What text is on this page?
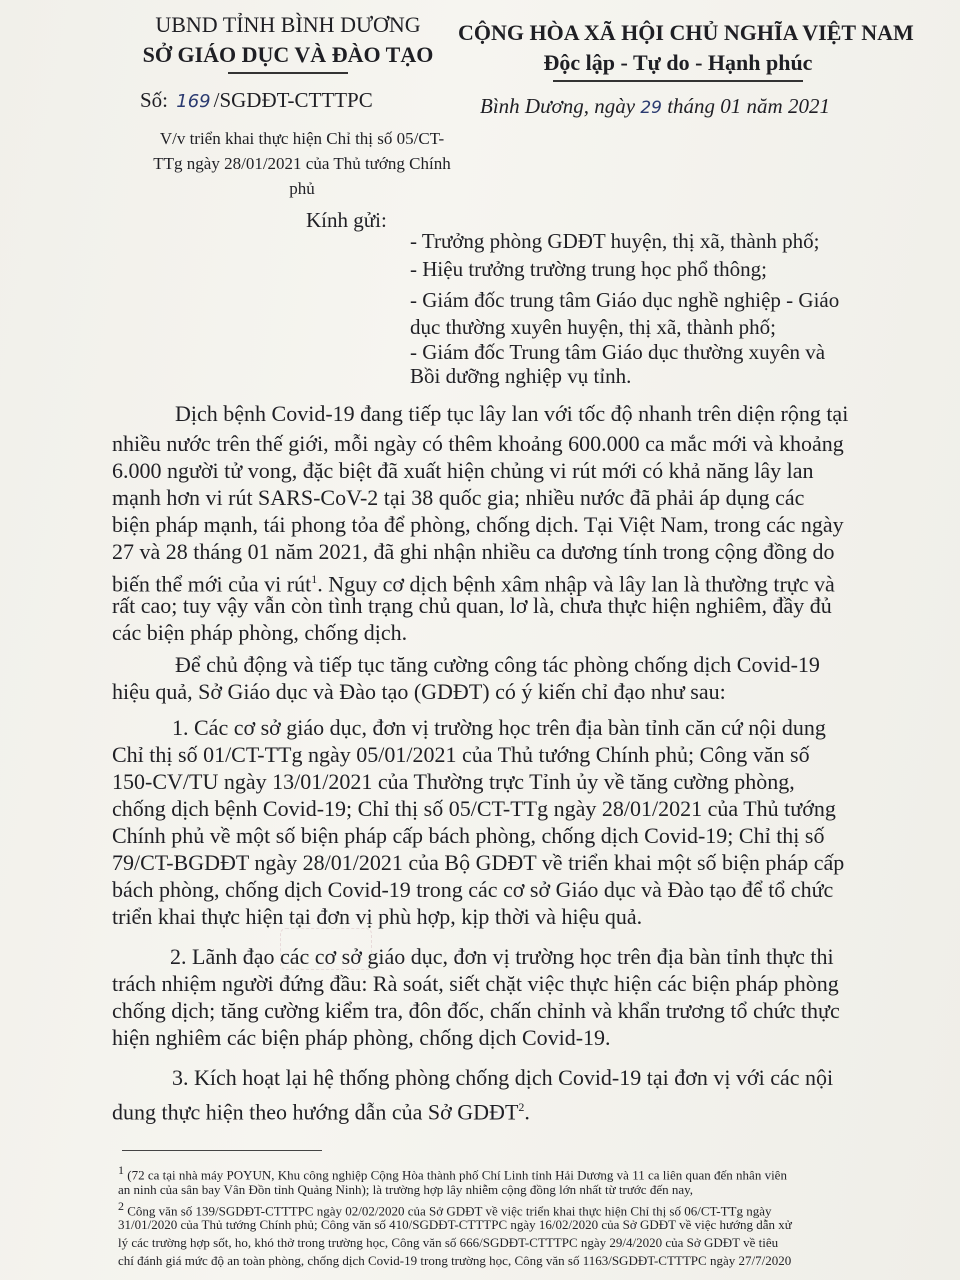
UBND TỈNH BÌNH DƯƠNG
SỞ GIÁO DỤC VÀ ĐÀO TẠO
CỘNG HÒA XÃ HỘI CHỦ NGHĨA VIỆT NAM
Độc lập - Tự do - Hạnh phúc
Số: 169 /SGDĐT-CTTTPC	Bình Dương, ngày 29 tháng 01 năm 2021
V/v triển khai thực hiện Chỉ thị số 05/CT-TTg ngày 28/01/2021 của Thủ tướng Chính phủ
Kính gửi:
- Trưởng phòng GDĐT huyện, thị xã, thành phố;
- Hiệu trưởng trường trung học phổ thông;
- Giám đốc trung tâm Giáo dục nghề nghiệp - Giáo
dục thường xuyên huyện, thị xã, thành phố;
- Giám đốc Trung tâm Giáo dục thường xuyên và
Bồi dưỡng nghiệp vụ tỉnh.
Dịch bệnh Covid-19 đang tiếp tục lây lan với tốc độ nhanh trên diện rộng tại
nhiều nước trên thế giới, mỗi ngày có thêm khoảng 600.000 ca mắc mới và khoảng
6.000 người tử vong, đặc biệt đã xuất hiện chủng vi rút mới có khả năng lây lan
mạnh hơn vi rút SARS-CoV-2 tại 38 quốc gia; nhiều nước đã phải áp dụng các
biện pháp mạnh, tái phong tỏa để phòng, chống dịch. Tại Việt Nam, trong các ngày
27 và 28 tháng 01 năm 2021, đã ghi nhận nhiều ca dương tính trong cộng đồng do
biến thể mới của vi rút$^1$. Nguy cơ dịch bệnh xâm nhập và lây lan là thường trực và
rất cao; tuy vậy vẫn còn tình trạng chủ quan, lơ là, chưa thực hiện nghiêm, đầy đủ
các biện pháp phòng, chống dịch.
Để chủ động và tiếp tục tăng cường công tác phòng chống dịch Covid-19
hiệu quả, Sở Giáo dục và Đào tạo (GDĐT) có ý kiến chỉ đạo như sau:
1. Các cơ sở giáo dục, đơn vị trường học trên địa bàn tỉnh căn cứ nội dung
Chỉ thị số 01/CT-TTg ngày 05/01/2021 của Thủ tướng Chính phủ; Công văn số
150-CV/TU ngày 13/01/2021 của Thường trực Tỉnh ủy về tăng cường phòng,
chống dịch bệnh Covid-19; Chỉ thị số 05/CT-TTg ngày 28/01/2021 của Thủ tướng
Chính phủ về một số biện pháp cấp bách phòng, chống dịch Covid-19; Chỉ thị số
79/CT-BGDĐT ngày 28/01/2021 của Bộ GDĐT về triển khai một số biện pháp cấp
bách phòng, chống dịch Covid-19 trong các cơ sở Giáo dục và Đào tạo để tổ chức
triển khai thực hiện tại đơn vị phù hợp, kịp thời và hiệu quả.
2. Lãnh đạo các cơ sở giáo dục, đơn vị trường học trên địa bàn tỉnh thực thi
trách nhiệm người đứng đầu: Rà soát, siết chặt việc thực hiện các biện pháp phòng
chống dịch; tăng cường kiểm tra, đôn đốc, chấn chỉnh và khẩn trương tổ chức thực
hiện nghiêm các biện pháp phòng, chống dịch Covid-19.
3. Kích hoạt lại hệ thống phòng chống dịch Covid-19 tại đơn vị với các nội
dung thực hiện theo hướng dẫn của Sở GDĐT$^2$.
$^1$ (72 ca tại nhà máy POYUN, Khu công nghiệp Cộng Hòa thành phố Chí Linh tỉnh Hải Dương và 11 ca liên quan đến nhân viên
an ninh của sân bay Vân Đồn tỉnh Quảng Ninh); là trường hợp lây nhiễm cộng đồng lớn nhất từ trước đến nay,
$^2$ Công văn số 139/SGDĐT-CTTTPC ngày 02/02/2020 của Sở GDĐT về việc triển khai thực hiện Chỉ thị số 06/CT-TTg ngày
31/01/2020 của Thủ tướng Chính phủ; Công văn số 410/SGDĐT-CTTTPC ngày 16/02/2020 của Sở GDĐT về việc hướng dẫn xử
lý các trường hợp sốt, ho, khó thở trong trường học, Công văn số 666/SGDĐT-CTTTPC ngày 29/4/2020 của Sở GDĐT về tiêu
chí đánh giá mức độ an toàn phòng, chống dịch Covid-19 trong trường học, Công văn số 1163/SGDĐT-CTTTPC ngày 27/7/2020
